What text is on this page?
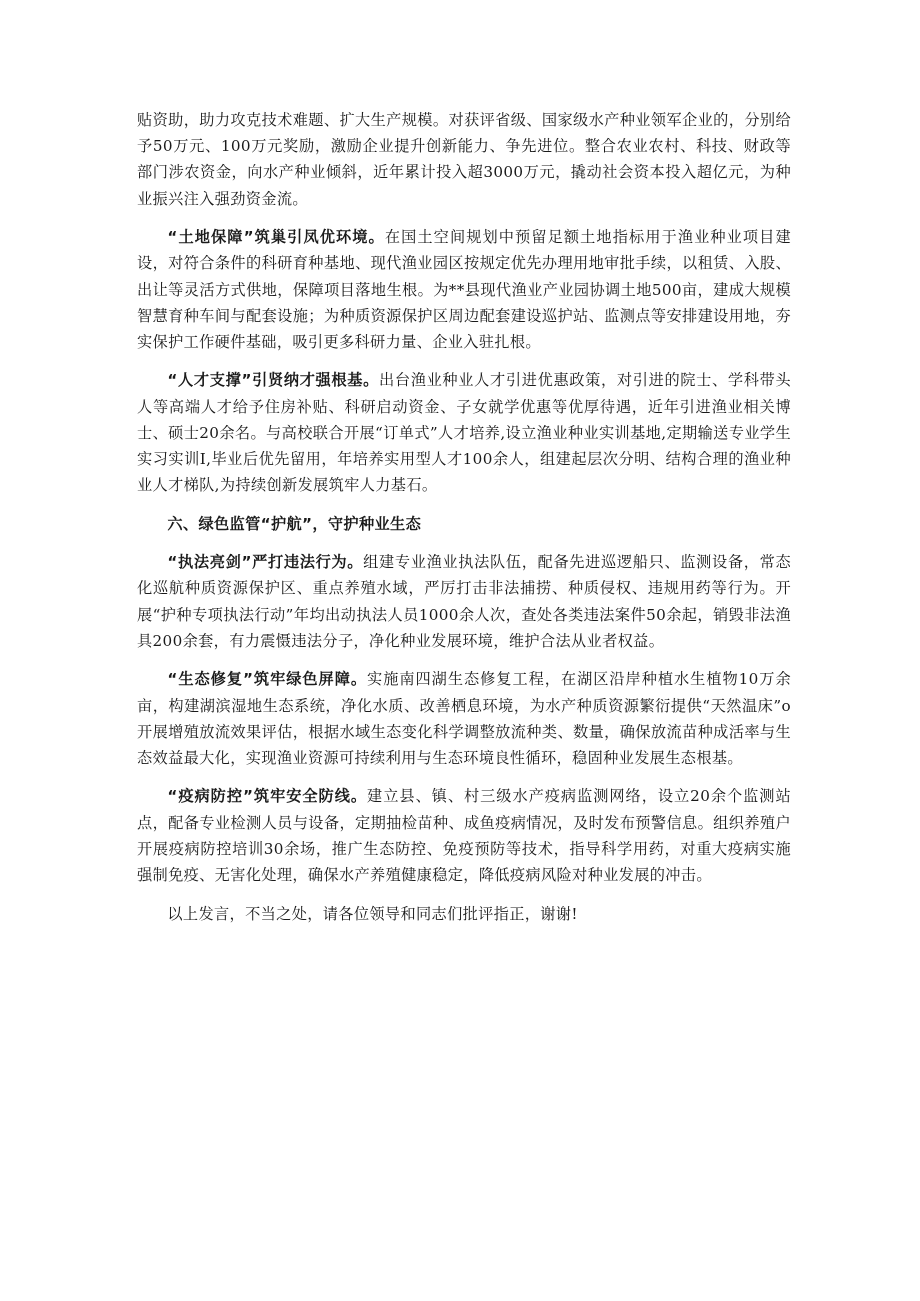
贴资助，助力攻克技术难题、扩大生产规模。对获评省级、国家级水产种业领军企业的，分别给予50万元、100万元奖励，激励企业提升创新能力、争先进位。整合农业农村、科技、财政等部门涉农资金，向水产种业倾斜，近年累计投入超3000万元，撬动社会资本投入超亿元，为种业振兴注入强劲资金流。

“土地保障”筑巢引凤优环境。在国土空间规划中预留足额土地指标用于渔业种业项目建设，对符合条件的科研育种基地、现代渔业园区按规定优先办理用地审批手续，以租赁、入股、出让等灵活方式供地，保障项目落地生根。为**县现代渔业产业园协调土地500亩，建成大规模智慧育种车间与配套设施；为种质资源保护区周边配套建设巡护站、监测点等安排建设用地，夯实保护工作硬件基础，吸引更多科研力量、企业入驻扎根。

“人才支撑”引贤纳才强根基。出台渔业种业人才引进优惠政策，对引进的院士、学科带头人等高端人才给予住房补贴、科研启动资金、子女就学优惠等优厚待遇，近年引进渔业相关博士、硕士20余名。与高校联合开展“订单式”人才培养,设立渔业种业实训基地,定期输送专业学生实习实训I,毕业后优先留用，年培养实用型人才100余人，组建起层次分明、结构合理的渔业种业人才梯队,为持续创新发展筑牢人力基石。

六、绿色监管“护航”，守护种业生态

“执法亮剑”严打违法行为。组建专业渔业执法队伍，配备先进巡逻船只、监测设备，常态化巡航种质资源保护区、重点养殖水域，严厉打击非法捕捞、种质侵权、违规用药等行为。开展“护种专项执法行动”年均出动执法人员1000余人次，查处各类违法案件50余起，销毁非法渔具200余套，有力震慑违法分子，净化种业发展环境，维护合法从业者权益。

“生态修复”筑牢绿色屏障。实施南四湖生态修复工程，在湖区沿岸种植水生植物10万余亩，构建湖滨湿地生态系统，净化水质、改善栖息环境，为水产种质资源繁衍提供“天然温床”o开展增殖放流效果评估，根据水域生态变化科学调整放流种类、数量，确保放流苗种成活率与生态效益最大化，实现渔业资源可持续利用与生态环境良性循环，稳固种业发展生态根基。

“疫病防控”筑牢安全防线。建立县、镇、村三级水产疫病监测网络，设立20余个监测站点，配备专业检测人员与设备，定期抽检苗种、成鱼疫病情况，及时发布预警信息。组织养殖户开展疫病防控培训30余场，推广生态防控、免疫预防等技术，指导科学用药，对重大疫病实施强制免疫、无害化处理，确保水产养殖健康稳定，降低疫病风险对种业发展的冲击。

以上发言，不当之处，请各位领导和同志们批评指正，谢谢!
